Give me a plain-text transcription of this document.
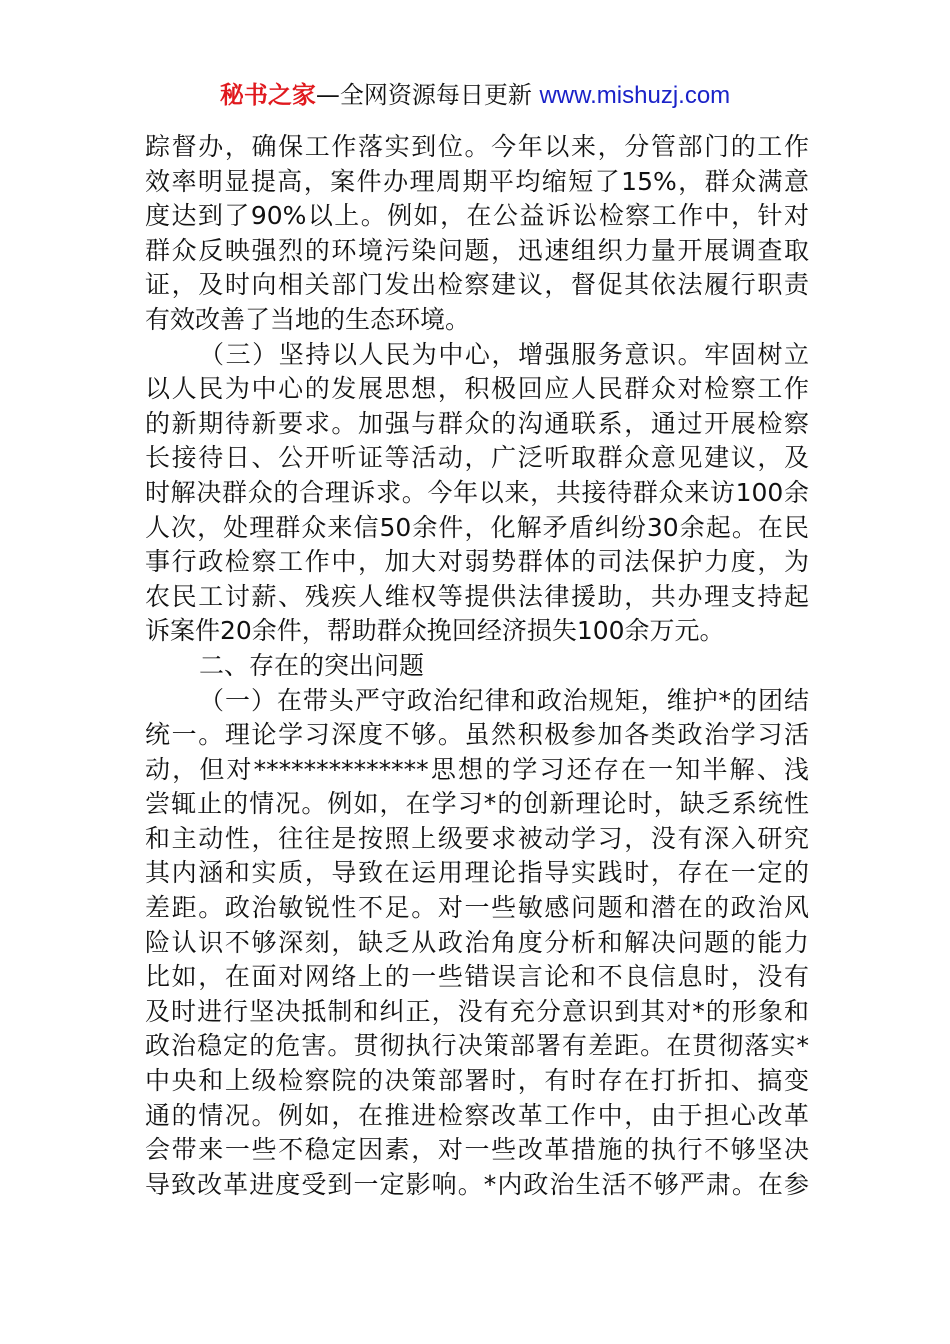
秘书之家—全网资源每日更新 www.mishuzj.com
踪督办，确保工作落实到位。今年以来，分管部门的工作
效率明显提高，案件办理周期平均缩短了15%，群众满意
度达到了90%以上。例如，在公益诉讼检察工作中，针对
群众反映强烈的环境污染问题，迅速组织力量开展调查取
证，及时向相关部门发出检察建议，督促其依法履行职责
有效改善了当地的生态环境。
（三）坚持以人民为中心，增强服务意识。牢固树立
以人民为中心的发展思想，积极回应人民群众对检察工作
的新期待新要求。加强与群众的沟通联系，通过开展检察
长接待日、公开听证等活动，广泛听取群众意见建议，及
时解决群众的合理诉求。今年以来，共接待群众来访100余
人次，处理群众来信50余件，化解矛盾纠纷30余起。在民
事行政检察工作中，加大对弱势群体的司法保护力度，为
农民工讨薪、残疾人维权等提供法律援助，共办理支持起
诉案件20余件，帮助群众挽回经济损失100余万元。
二、存在的突出问题
（一）在带头严守政治纪律和政治规矩，维护*的团结
统一。理论学习深度不够。虽然积极参加各类政治学习活
动，但对**************思想的学习还存在一知半解、浅
尝辄止的情况。例如，在学习*的创新理论时，缺乏系统性
和主动性，往往是按照上级要求被动学习，没有深入研究
其内涵和实质，导致在运用理论指导实践时，存在一定的
差距。政治敏锐性不足。对一些敏感问题和潜在的政治风
险认识不够深刻，缺乏从政治角度分析和解决问题的能力
比如，在面对网络上的一些错误言论和不良信息时，没有
及时进行坚决抵制和纠正，没有充分意识到其对*的形象和
政治稳定的危害。贯彻执行决策部署有差距。在贯彻落实*
中央和上级检察院的决策部署时，有时存在打折扣、搞变
通的情况。例如，在推进检察改革工作中，由于担心改革
会带来一些不稳定因素，对一些改革措施的执行不够坚决
导致改革进度受到一定影响。*内政治生活不够严肃。在参
